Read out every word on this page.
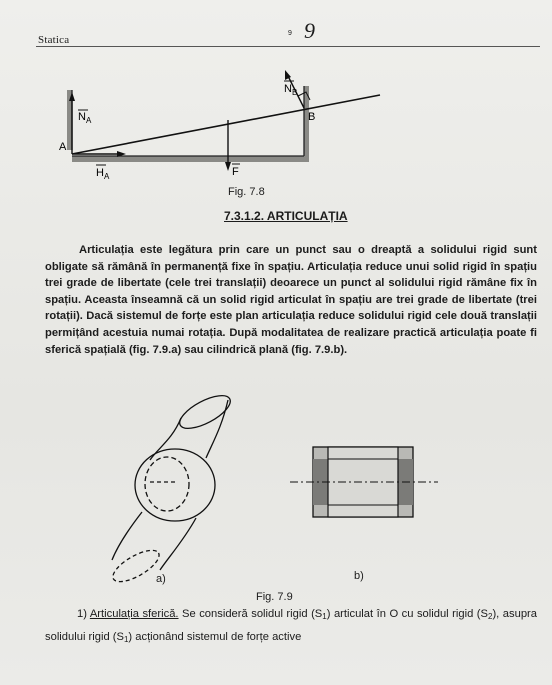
Statica
9 9
$N_A$
$N_B$
A
B
$H_A$	F
Fig. 7.8
7.3.1.2. ARTICULAȚIA
Articulația este legătura prin care un punct sau o dreaptă a solidului rigid sunt obligate să rămână în permanență fixe în spațiu. Articulația reduce unui solid rigid în spațiu trei grade de libertate (cele trei translații) deoarece un punct al solidului rigid rămâne fix în spațiu. Aceasta înseamnă că un solid rigid articulat în spațiu are trei grade de libertate (trei rotații). Dacă sistemul de forțe este plan articulația reduce solidului rigid cele două translații permițând acestuia numai rotația. După modalitatea de realizare practică articulația poate fi sferică spațială (fig. 7.9.a) sau cilindrică plană (fig. 7.9.b).
a)	b)
Fig. 7.9
1) Articulația sferică. Se consideră solidul rigid $(S_1)$ articulat în O cu solidul rigid $(S_2)$, asupra solidului rigid $(S_1)$ acționând sistemul de forțe active
